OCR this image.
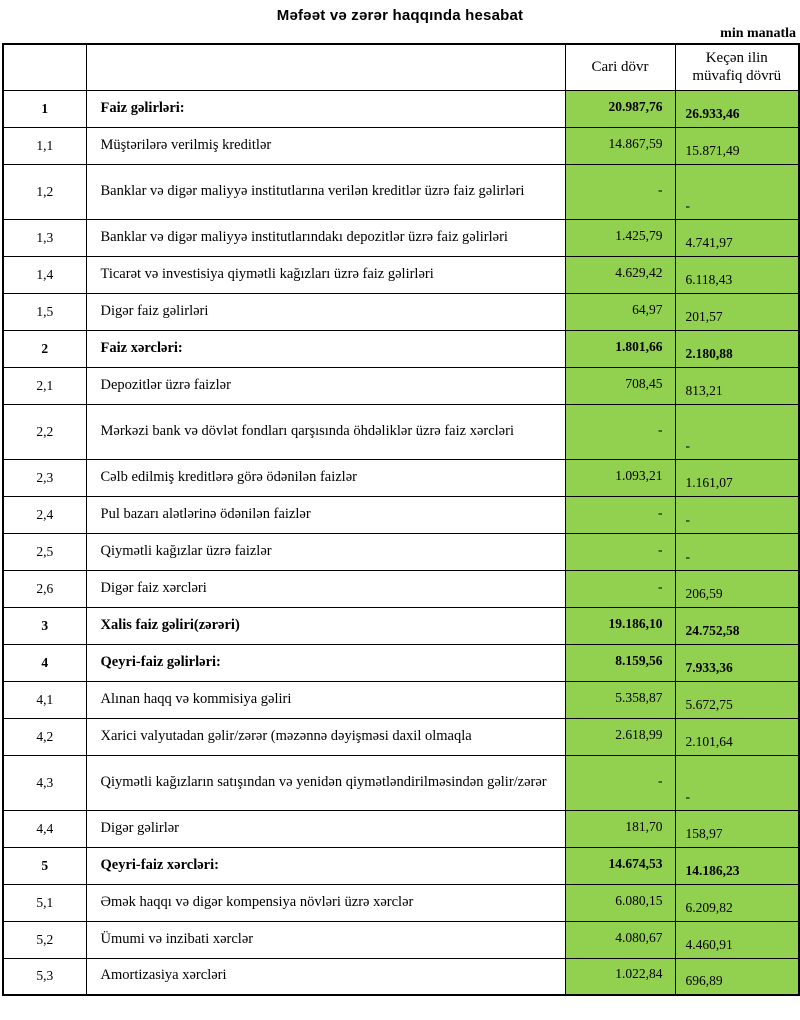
Məfəət və zərər haqqında hesabat
min manatla
		Cari dövr	Keçən ilin müvafiq dövrü
1	Faiz gəlirləri:	20.987,76	26.933,46
1,1	Müştərilərə verilmiş kreditlər	14.867,59	15.871,49
1,2	Banklar və digər maliyyə institutlarına verilən kreditlər üzrə faiz gəlirləri	-	-
1,3	Banklar və digər maliyyə institutlarındakı depozitlər üzrə faiz gəlirləri	1.425,79	4.741,97
1,4	Ticarət və investisiya qiymətli kağızları üzrə faiz gəlirləri	4.629,42	6.118,43
1,5	Digər faiz gəlirləri	64,97	201,57
2	Faiz xərcləri:	1.801,66	2.180,88
2,1	Depozitlər üzrə faizlər	708,45	813,21
2,2	Mərkəzi bank və dövlət fondları qarşısında öhdəliklər üzrə faiz xərcləri	-	-
2,3	Cəlb edilmiş kreditlərə görə ödənilən faizlər	1.093,21	1.161,07
2,4	Pul bazarı alətlərinə ödənilən faizlər	-	-
2,5	Qiymətli kağızlar üzrə faizlər	-	-
2,6	Digər faiz xərcləri	-	206,59
3	Xalis faiz gəliri(zərəri)	19.186,10	24.752,58
4	Qeyri-faiz gəlirləri:	8.159,56	7.933,36
4,1	Alınan haqq və kommisiya gəliri	5.358,87	5.672,75
4,2	Xarici valyutadan gəlir/zərər (məzənnə dəyişməsi daxil olmaqla	2.618,99	2.101,64
4,3	Qiymətli kağızların satışından və yenidən qiymətləndirilməsindən gəlir/zərər	-	-
4,4	Digər gəlirlər	181,70	158,97
5	Qeyri-faiz xərcləri:	14.674,53	14.186,23
5,1	Əmək haqqı və digər kompensiya növləri üzrə xərclər	6.080,15	6.209,82
5,2	Ümumi və inzibati xərclər	4.080,67	4.460,91
5,3	Amortizasiya xərcləri	1.022,84	696,89
